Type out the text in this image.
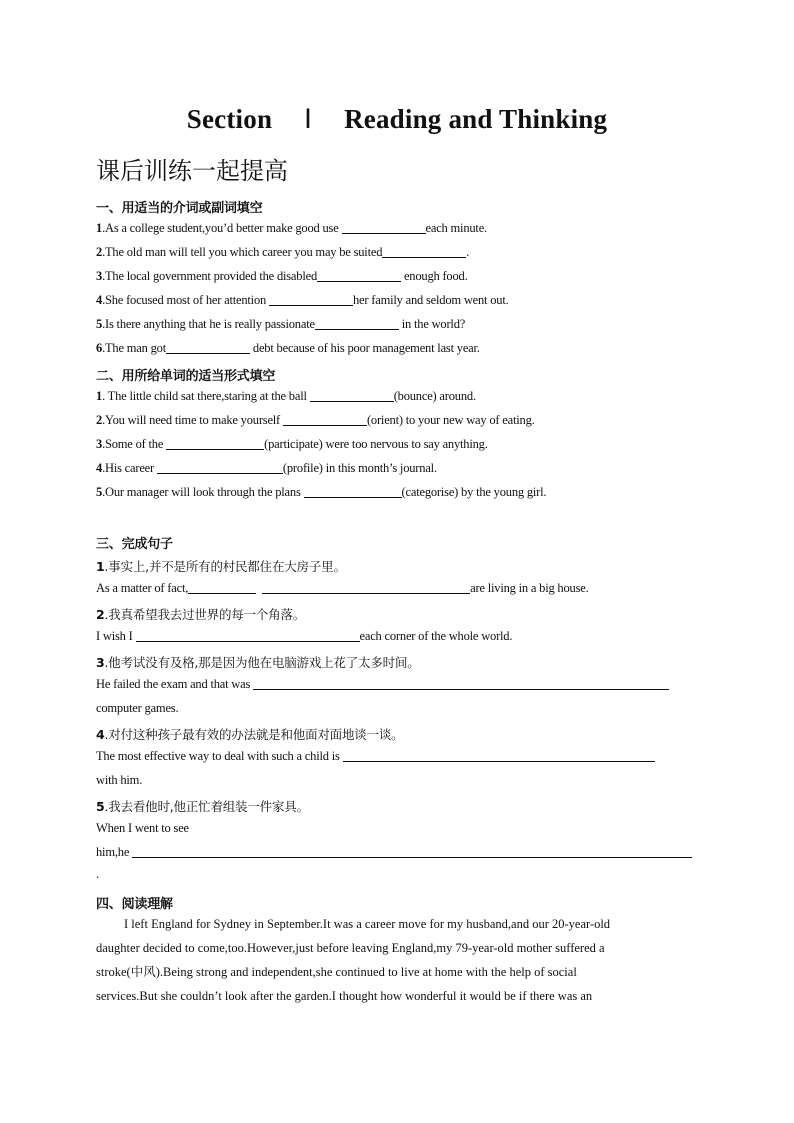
Section Ⅰ Reading and Thinking
课后训练一起提高
一、用适当的介词或副词填空
1.As a college student,you’d better make good use	each minute.
2.The old man will tell you which career you may be suited	.
3.The local government provided the disabled	enough food.
4.She focused most of her attention	her family and seldom went out.
5.Is there anything that he is really passionate	in the world?
6.The man got	debt because of his poor management last year.
二、用所给单词的适当形式填空
1. The little child sat there,staring at the ball	(bounce) around.
2.You will need time to make yourself	(orient) to your new way of eating.
3.Some of the	(participate) were too nervous to say anything.
4.His career	(profile) in this month’s journal.
5.Our manager will look through the plans	(categorise) by the young girl.
三、完成句子
1.事实上,并不是所有的村民都住在大房子里。
As a matter of fact,	are living in a big house.
2.我真希望我去过世界的每一个角落。
I wish I	each corner of the whole world.
3.他考试没有及格,那是因为他在电脑游戏上花了太多时间。
He failed the exam and that was
computer games.
4.对付这种孩子最有效的办法就是和他面对面地谈一谈。
The most effective way to deal with such a child is
with him.
5.我去看他时,他正忙着组装一件家具。
When I went to see
him,he
.
四、阅读理解
I left England for Sydney in September.It was a career move for my husband,and our 20-year-old
daughter decided to come,too.However,just before leaving England,my 79-year-old mother suffered a
stroke(中风).Being strong and independent,she continued to live at home with the help of social
services.But she couldn’t look after the garden.I thought how wonderful it would be if there was an
